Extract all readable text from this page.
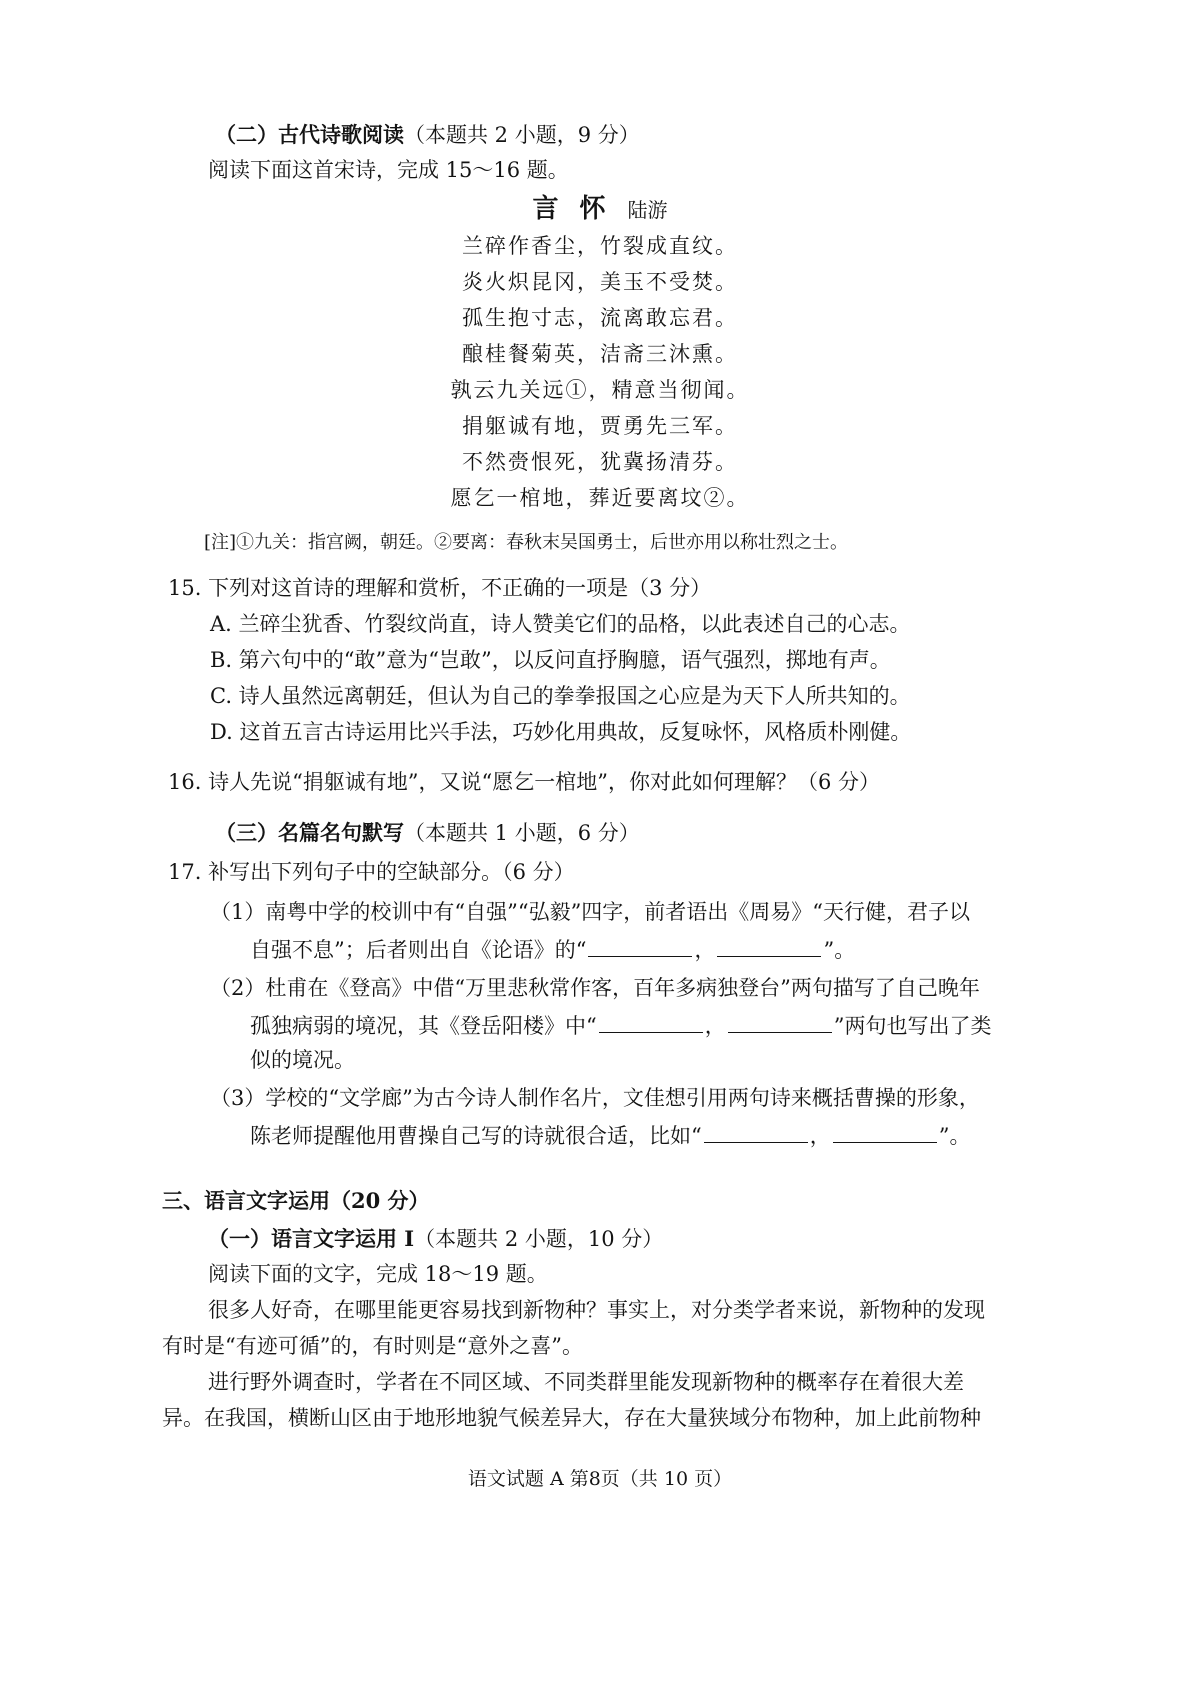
（二）古代诗歌阅读（本题共 2 小题，9 分）
阅读下面这首宋诗，完成 15～16 题。
言 怀 陆游
兰碎作香尘，竹裂成直纹。
炎火炽昆冈，美玉不受焚。
孤生抱寸志，流离敢忘君。
酿桂餐菊英，洁斋三沐熏。
孰云九关远①，精意当彻闻。
捐躯诚有地，贾勇先三军。
不然赍恨死，犹冀扬清芬。
愿乞一棺地，葬近要离坟②。
[注]①九关：指宫阙，朝廷。②要离：春秋末吴国勇士，后世亦用以称壮烈之士。
15. 下列对这首诗的理解和赏析，不正确的一项是（3 分）
A. 兰碎尘犹香、竹裂纹尚直，诗人赞美它们的品格，以此表述自己的心志。
B. 第六句中的“敢”意为“岂敢”，以反问直抒胸臆，语气强烈，掷地有声。
C. 诗人虽然远离朝廷，但认为自己的拳拳报国之心应是为天下人所共知的。
D. 这首五言古诗运用比兴手法，巧妙化用典故，反复咏怀，风格质朴刚健。
16. 诗人先说“捐躯诚有地”，又说“愿乞一棺地”，你对此如何理解？（6 分）
（三）名篇名句默写（本题共 1 小题，6 分）
17. 补写出下列句子中的空缺部分。（6 分）
（1）南粤中学的校训中有“自强”“弘毅”四字，前者语出《周易》“天行健，君子以
自强不息”；后者则出自《论语》的“	，	”。
（2）杜甫在《登高》中借“万里悲秋常作客，百年多病独登台”两句描写了自己晚年
孤独病弱的境况，其《登岳阳楼》中“	，	”两句也写出了类
似的境况。
（3）学校的“文学廊”为古今诗人制作名片，文佳想引用两句诗来概括曹操的形象，
陈老师提醒他用曹操自己写的诗就很合适，比如“	，	”。
三、语言文字运用（20 分）
（一）语言文字运用 Ⅰ（本题共 2 小题，10 分）
阅读下面的文字，完成 18～19 题。
很多人好奇，在哪里能更容易找到新物种？事实上，对分类学者来说，新物种的发现
有时是“有迹可循”的，有时则是“意外之喜”。
进行野外调查时，学者在不同区域、不同类群里能发现新物种的概率存在着很大差
异。在我国，横断山区由于地形地貌气候差异大，存在大量狭域分布物种，加上此前物种
语文试题 A 第8页（共 10 页）
